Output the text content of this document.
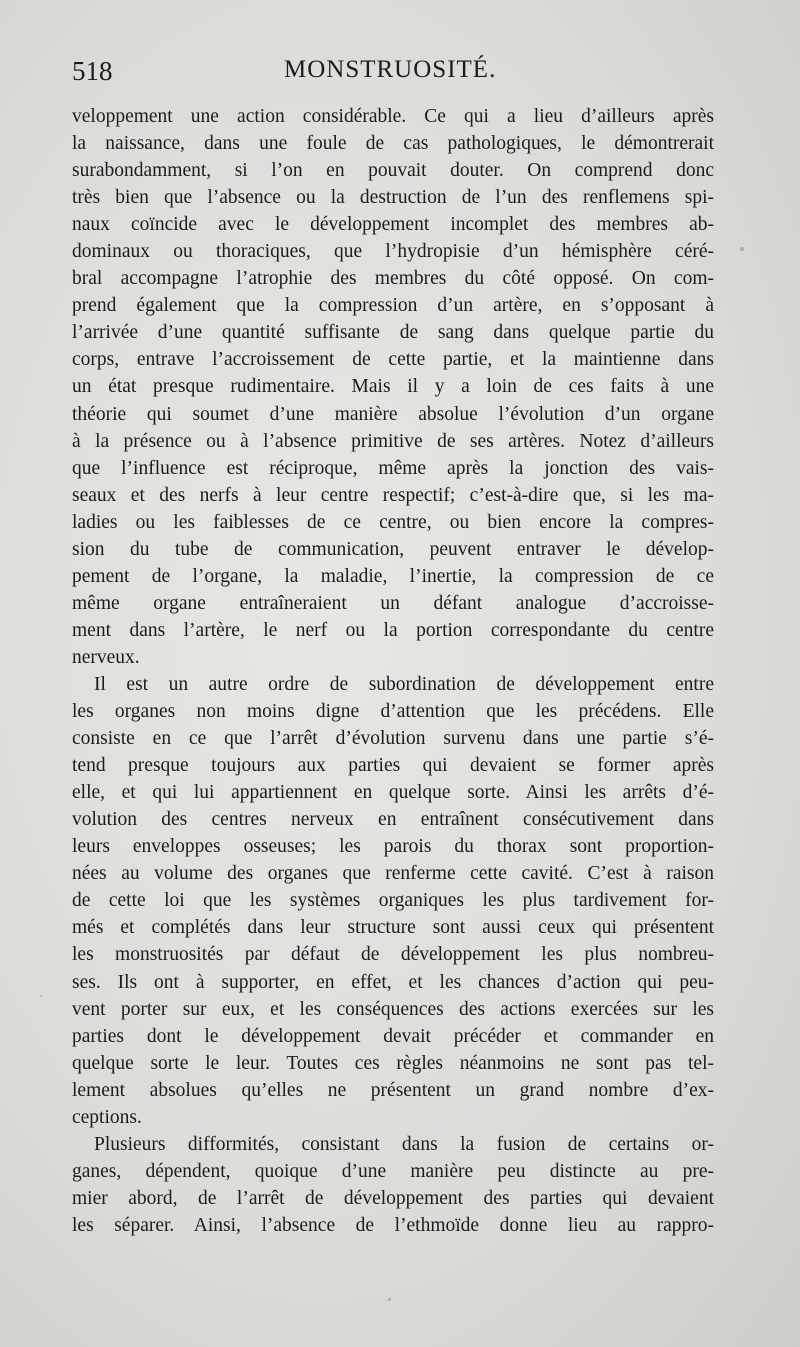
518	MONSTRUOSITÉ.
veloppement une action considérable. Ce qui a lieu d’ailleurs après
la naissance, dans une foule de cas pathologiques, le démontrerait
surabondamment, si l’on en pouvait douter. On comprend donc
très bien que l’absence ou la destruction de l’un des renflemens spi-
naux coïncide avec le développement incomplet des membres ab-
dominaux ou thoraciques, que l’hydropisie d’un hémisphère céré-
bral accompagne l’atrophie des membres du côté opposé. On com-
prend également que la compression d’un artère, en s’opposant à
l’arrivée d’une quantité suffisante de sang dans quelque partie du
corps, entrave l’accroissement de cette partie, et la maintienne dans
un état presque rudimentaire. Mais il y a loin de ces faits à une
théorie qui soumet d’une manière absolue l’évolution d’un organe
à la présence ou à l’absence primitive de ses artères. Notez d’ailleurs
que l’influence est réciproque, même après la jonction des vais-
seaux et des nerfs à leur centre respectif; c’est-à-dire que, si les ma-
ladies ou les faiblesses de ce centre, ou bien encore la compres-
sion du tube de communication, peuvent entraver le dévelop-
pement de l’organe, la maladie, l’inertie, la compression de ce
même organe entraîneraient un défant analogue d’accroisse-
ment dans l’artère, le nerf ou la portion correspondante du centre
nerveux.
Il est un autre ordre de subordination de développement entre
les organes non moins digne d’attention que les précédens. Elle
consiste en ce que l’arrêt d’évolution survenu dans une partie s’é-
tend presque toujours aux parties qui devaient se former après
elle, et qui lui appartiennent en quelque sorte. Ainsi les arrêts d’é-
volution des centres nerveux en entraînent consécutivement dans
leurs enveloppes osseuses; les parois du thorax sont proportion-
nées au volume des organes que renferme cette cavité. C’est à raison
de cette loi que les systèmes organiques les plus tardivement for-
més et complétés dans leur structure sont aussi ceux qui présentent
les monstruosités par défaut de développement les plus nombreu-
ses. Ils ont à supporter, en effet, et les chances d’action qui peu-
vent porter sur eux, et les conséquences des actions exercées sur les
parties dont le développement devait précéder et commander en
quelque sorte le leur. Toutes ces règles néanmoins ne sont pas tel-
lement absolues qu’elles ne présentent un grand nombre d’ex-
ceptions.
Plusieurs difformités, consistant dans la fusion de certains or-
ganes, dépendent, quoique d’une manière peu distincte au pre-
mier abord, de l’arrêt de développement des parties qui devaient
les séparer. Ainsi, l’absence de l’ethmoïde donne lieu au rappro-
